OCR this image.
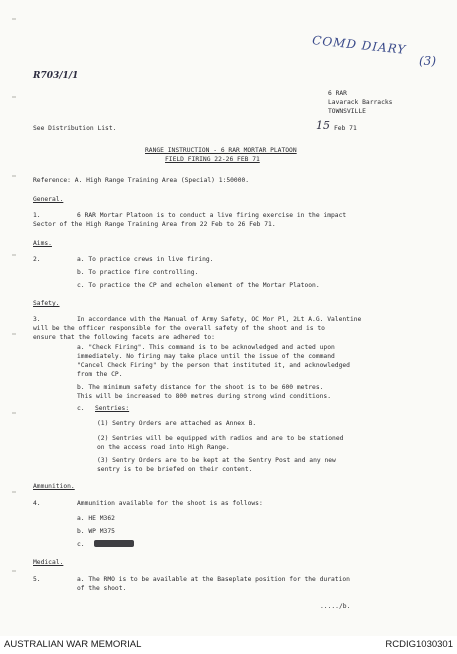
COMD DIARY

(3)

R703/1/1

6 RAR

Lavarack Barracks

TOWNSVILLE

15 Feb 71

See Distribution List.

RANGE INSTRUCTION - 6 RAR MORTAR PLATOON

FIELD FIRING 22-26 FEB 71

Reference: A. High Range Training Area (Special) 1:50000.

General.

1.	6 RAR Mortar Platoon is to conduct a live firing exercise in the impact

Sector of the High Range Training Area from 22 Feb to 26 Feb 71.

Aims.

2.	a. To practice crews in live firing.

b. To practice fire controlling.

c. To practice the CP and echelon element of the Mortar Platoon.

Safety.

3.	In accordance with the Manual of Army Safety, OC Mor Pl, 2Lt A.G. Valentine

will be the officer responsible for the overall safety of the shoot and is to

ensure that the following facets are adhered to:

a. "Check Firing". This command is to be acknowledged and acted upon

immediately. No firing may take place until the issue of the command

"Cancel Check Firing" by the person that instituted it, and acknowledged

from the CP.

b. The minimum safety distance for the shoot is to be 600 metres.

This will be increased to 800 metres during strong wind conditions.

c. Sentries:

(1) Sentry Orders are attached as Annex B.

(2) Sentries will be equipped with radios and are to be stationed

on the access road into High Range.

(3) Sentry Orders are to be kept at the Sentry Post and any new

sentry is to be briefed on their content.

Ammunition.

4.	Ammunition available for the shoot is as follows:

a. HE M362

b. WP M375

c.

Medical.

5.	a. The RMO is to be available at the Baseplate position for the duration

of the shoot.

...../b.

AUSTRALIAN WAR MEMORIAL	RCDIG1030301
